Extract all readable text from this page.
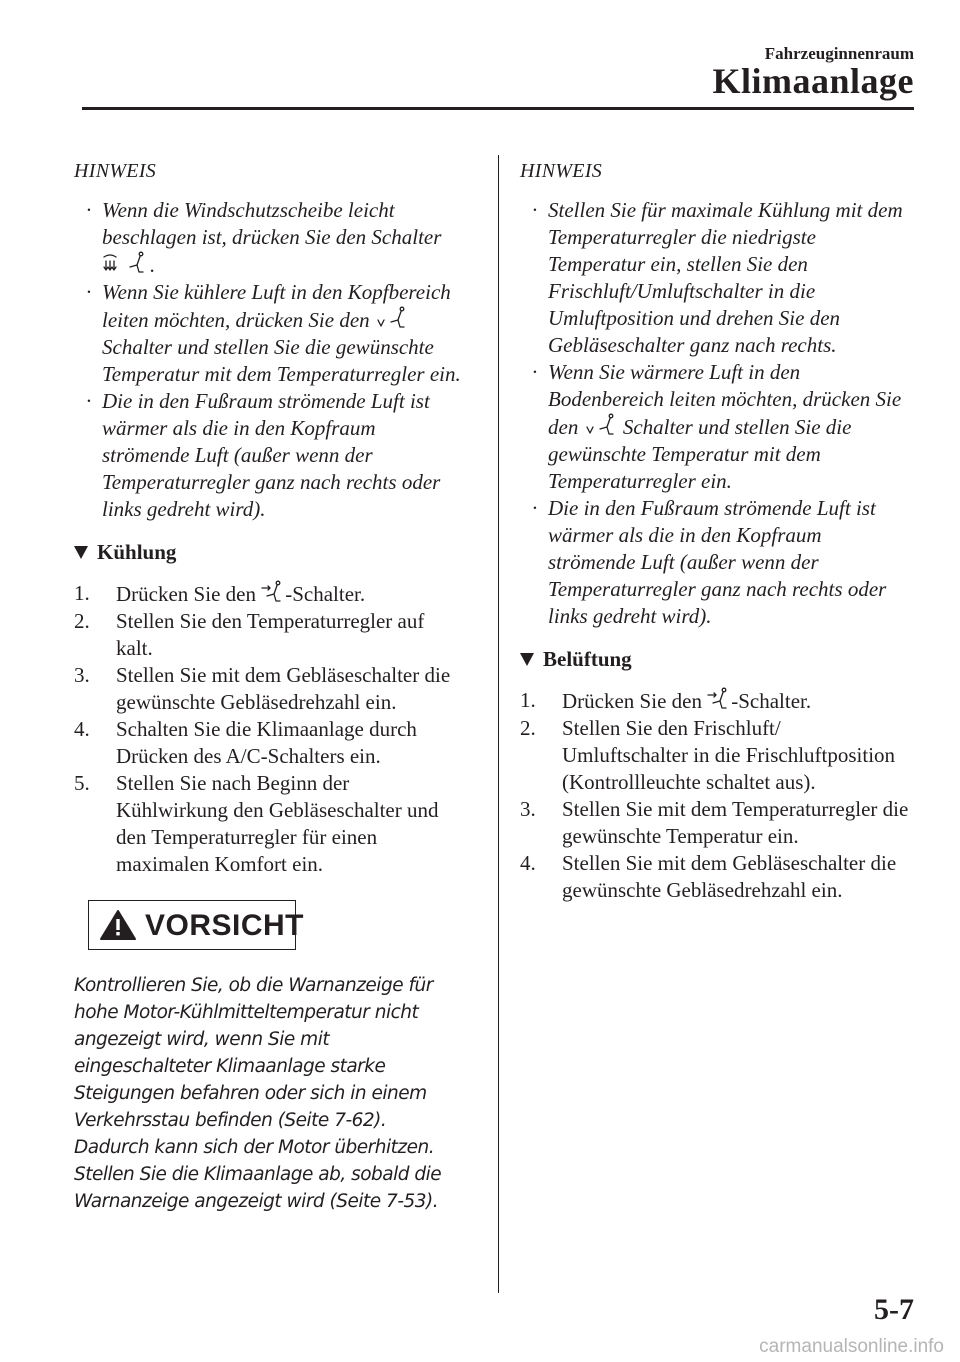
Fahrzeuginnenraum
Klimaanlage
HINWEIS
· Wenn die Windschutzscheibe leicht beschlagen ist, drücken Sie den Schalter
.
· Wenn Sie kühlere Luft in den Kopfbereich leiten möchten, drücken Sie den
Schalter und stellen Sie die gewünschte Temperatur mit dem Temperaturregler ein.
· Die in den Fußraum strömende Luft ist wärmer als die in den Kopfraum strömende Luft (außer wenn der Temperaturregler ganz nach rechts oder links gedreht wird).
Kühlung
1. Drücken Sie den -Schalter.
2. Stellen Sie den Temperaturregler auf kalt.
3. Stellen Sie mit dem Gebläseschalter die gewünschte Gebläsedrehzahl ein.
4. Schalten Sie die Klimaanlage durch Drücken des A/C-Schalters ein.
5. Stellen Sie nach Beginn der Kühlwirkung den Gebläseschalter und den Temperaturregler für einen maximalen Komfort ein.
VORSICHT
Kontrollieren Sie, ob die Warnanzeige für hohe Motor-Kühlmitteltemperatur nicht angezeigt wird, wenn Sie mit eingeschalteter Klimaanlage starke Steigungen befahren oder sich in einem Verkehrsstau befinden (Seite 7-62). Dadurch kann sich der Motor überhitzen. Stellen Sie die Klimaanlage ab, sobald die Warnanzeige angezeigt wird (Seite 7-53).
HINWEIS
· Stellen Sie für maximale Kühlung mit dem Temperaturregler die niedrigste Temperatur ein, stellen Sie den Frischluft/Umluftschalter in die Umluftposition und drehen Sie den Gebläseschalter ganz nach rechts.
· Wenn Sie wärmere Luft in den Bodenbereich leiten möchten, drücken Sie den Schalter und stellen Sie die gewünschte Temperatur mit dem Temperaturregler ein.
· Die in den Fußraum strömende Luft ist wärmer als die in den Kopfraum strömende Luft (außer wenn der Temperaturregler ganz nach rechts oder links gedreht wird).
Belüftung
1. Drücken Sie den -Schalter.
2. Stellen Sie den Frischluft/ Umluftschalter in die Frischluftposition (Kontrollleuchte schaltet aus).
3. Stellen Sie mit dem Temperaturregler die gewünschte Temperatur ein.
4. Stellen Sie mit dem Gebläseschalter die gewünschte Gebläsedrehzahl ein.
5-7
carmanualsonline.info
